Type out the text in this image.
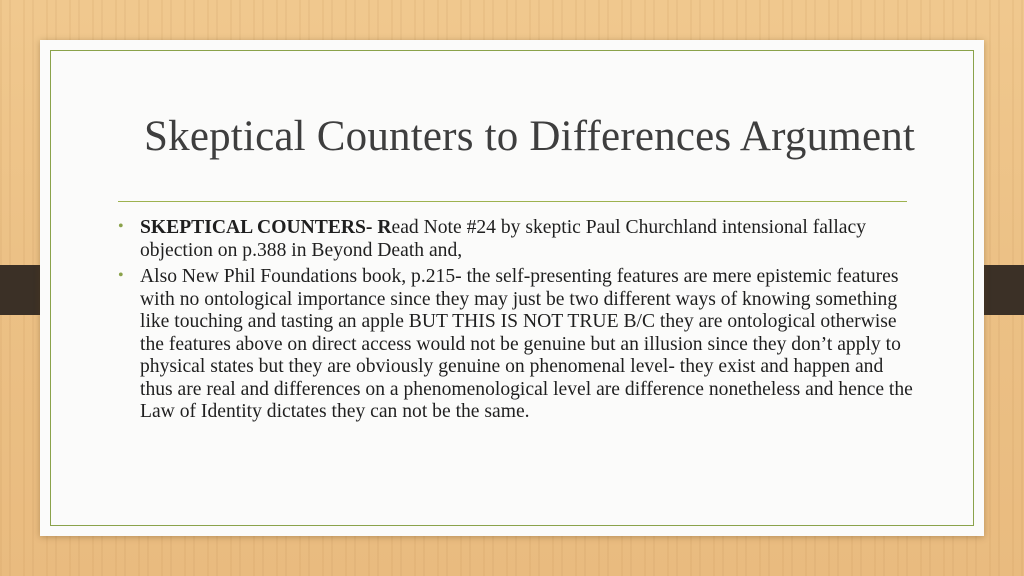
Skeptical Counters to Differences Argument
• SKEPTICAL COUNTERS- Read Note #24 by skeptic Paul Churchland intensional fallacy objection on p.388 in Beyond Death and,
• Also New Phil Foundations book, p.215- the self-presenting features are mere epistemic features with no ontological importance since they may just be two different ways of knowing something like touching and tasting an apple BUT THIS IS NOT TRUE B/C they are ontological otherwise the features above on direct access would not be genuine but an illusion since they don’t apply to physical states but they are obviously genuine on phenomenal level- they exist and happen and thus are real and differences on a phenomenological level are difference nonetheless and hence the Law of Identity dictates they can not be the same.
